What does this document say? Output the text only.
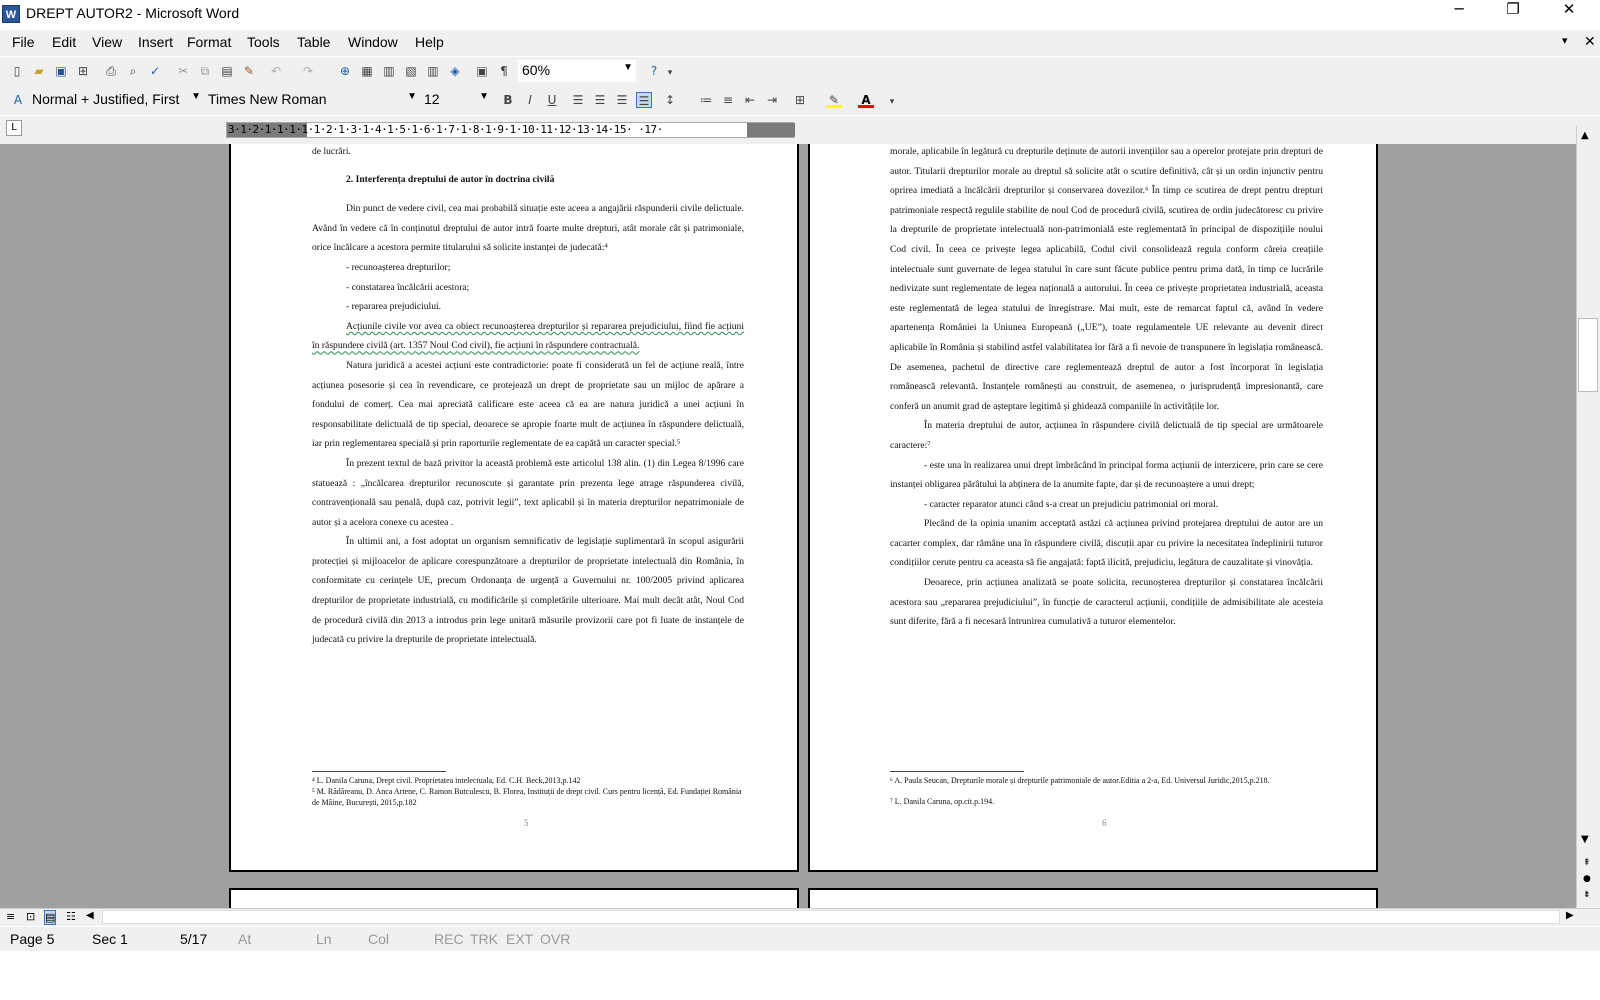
W DREPT AUTOR2 - Microsoft Word	─	❐	✕
File Edit View Insert Format Tools Table Window Help	▾ ✕
▯	▰ ▣ ⊞ ⎙	⌕	✓ ✂	⧉	▤ ✎ ↶ ↷ ⊕ ▦ ▥ ▧ ▥ ◈ ▣	¶ 60%	▼	?	▾
A Normal + Justified, First ▼ Times New Roman	▼ 12	▼ B	I	U	☰ ☰ ☰ ☰ ↕ ≔ ≡ ⇤ ⇥ ⊞ ✎ A	▾
L	3·1·2·1·1·1·1·1·2·1·3·1·4·1·5·1·6·1·7·1·8·1·9·1·10·11·12·13·14·15· ·17·

de lucrări.

2. Interferența dreptului de autor în doctrina civilă

Din punct de vedere civil, cea mai probabilă situație este aceea a angajării răspunderii civile delictuale. Având în vedere că în conținutul dreptului de autor intră foarte multe drepturi, atât morale cât și patrimoniale, orice încălcare a acestora permite titularului să solicite instanței de judecată:⁴

- recunoașterea drepturilor;

- constatarea încălcării acestora;

- repararea prejudiciului.

Acțiunile civile vor avea ca obiect recunoașterea drepturilor și repararea prejudiciului, fiind fie acțiuni în răspundere civilă (art. 1357 Noul Cod civil), fie acțiuni în răspundere contractuală.

Natura juridică a acestei acțiuni este contradictorie: poate fi considerată un fel de acțiune reală, între acțiunea posesorie și cea în revendicare, ce protejează un drept de proprietate sau un mijloc de apărare a fondului de comerț. Cea mai apreciată calificare este aceea că ea are natura juridică a unei acțiuni în responsabilitate delictuală de tip special, deoarece se apropie foarte mult de acțiunea în răspundere delictuală, iar prin reglementarea specială și prin raporturile reglementate de ea capătă un caracter special.⁵

În prezent textul de bază privitor la această problemă este articolul 138 alin. (1) din Legea 8/1996 care statuează : „încălcarea drepturilor recunoscute și garantate prin prezenta lege atrage răspunderea civilă, contravențională sau penală, după caz, potrivit legii”, text aplicabil și în materia drepturilor nepatrimoniale de autor și a acelora conexe cu acestea .

În ultimii ani, a fost adoptat un organism semnificativ de legislație suplimentară în scopul asigurării protecției și mijloacelor de aplicare corespunzătoare a drepturilor de proprietate intelectuală din România, în conformitate cu cerințele UE, precum Ordonanța de urgență a Guvernului nr. 100/2005 privind aplicarea drepturilor de proprietate industrială, cu modificările și completările ulterioare. Mai mult decât atât, Noul Cod de procedură civilă din 2013 a introdus prin lege unitară măsurile provizorii care pot fi luate de instanțele de judecată cu privire la drepturile de proprietate intelectuală.

⁴ L. Danila Caruna, Drept civil. Proprietatea intelectuala, Ed. C.H. Beck,2013,p.142
⁵ M. Rădăreanu, D. Anca Artene, C. Ramon Butculescu, B. Florea, Instituții de drept civil. Curs pentru licență, Ed. Fundației România de Mâine, București, 2015,p.182
5

morale, aplicabile în legătură cu drepturile deținute de autorii invențiilor sau a operelor protejate prin drepturi de autor. Titularii drepturilor morale au dreptul să solicite atât o scutire definitivă, cât și un ordin injunctiv pentru oprirea imediată a încălcării drepturilor și conservarea dovezilor.⁶ În timp ce scutirea de drept pentru drepturi patrimoniale respectă regulile stabilite de noul Cod de procedură civilă, scutirea de ordin judecătoresc cu privire la drepturile de proprietate intelectuală non-patrimonială este reglementată în principal de dispozițiile noului Cod civil. În ceea ce privește legea aplicabilă, Codul civil consolidează regula conform căreia creațiile intelectuale sunt guvernate de legea statului în care sunt făcute publice pentru prima dată, în timp ce lucrările nedivizate sunt reglementate de legea națională a autorului. În ceea ce privește proprietatea industrială, aceasta este reglementată de legea statului de înregistrare. Mai mult, este de remarcat faptul că, având în vedere apartenența României la Uniunea Europeană („UE”), toate regulamentele UE relevante au devenit direct aplicabile în România și stabilind astfel valabilitatea lor fără a fi nevoie de transpunere în legislația românească. De asemenea, pachetul de directive care reglementează dreptul de autor a fost încorporat în legislația românească relevantă. Instanțele românești au construit, de asemenea, o jurisprudență impresionantă, care conferă un anumit grad de așteptare legitimă și ghidează companiile în activitățile lor.

În materia dreptului de autor, acțiunea în răspundere civilă delictuală de tip special are următoarele caractere:⁷

- este una în realizarea unui drept îmbrăcând în principal forma acțiunii de interzicere, prin care se cere instanței obligarea părâtului la abținera de la anumite fapte, dar și de recunoaștere a unui drept;

- caracter reparator atunci când s-a creat un prejudiciu patrimonial ori moral.

Plecând de la opinia unanim acceptată astăzi că acțiunea privind protejarea dreptului de autor are un cacarter complex, dar rămâne una în răspundere civilă, discuții apar cu privire la necesitatea îndeplinirii tuturor condițiilor cerute pentru ca aceasta să fie angajată: faptă ilicită, prejudiciu, legătura de cauzalitate și vinovăția.

Deoarece, prin acțiunea analizată se poate solicita, recunoșterea drepturilor și constatarea încălcării acestora sau „repararea prejudiciului”, în funcție de caracterul acțiunii, condițiile de admisibilitate ale acesteia sunt diferite, fără a fi necesară întrunirea cumulativă a tuturor elementelor.

⁶ A. Paula Seucan, Drepturile morale și drepturile patrimoniale de autor.Editia a 2-a, Ed. Universul Juridic,2015,p.218.
⁷ L. Danila Caruna, op.cit.p.194.
6
▲
▼
⇞
●
⇟
≡ ⊡ ▤ ☷ ◀	▶
Page 5	Sec 1	5/17 At	Ln	Col	REC TRK EXT OVR
